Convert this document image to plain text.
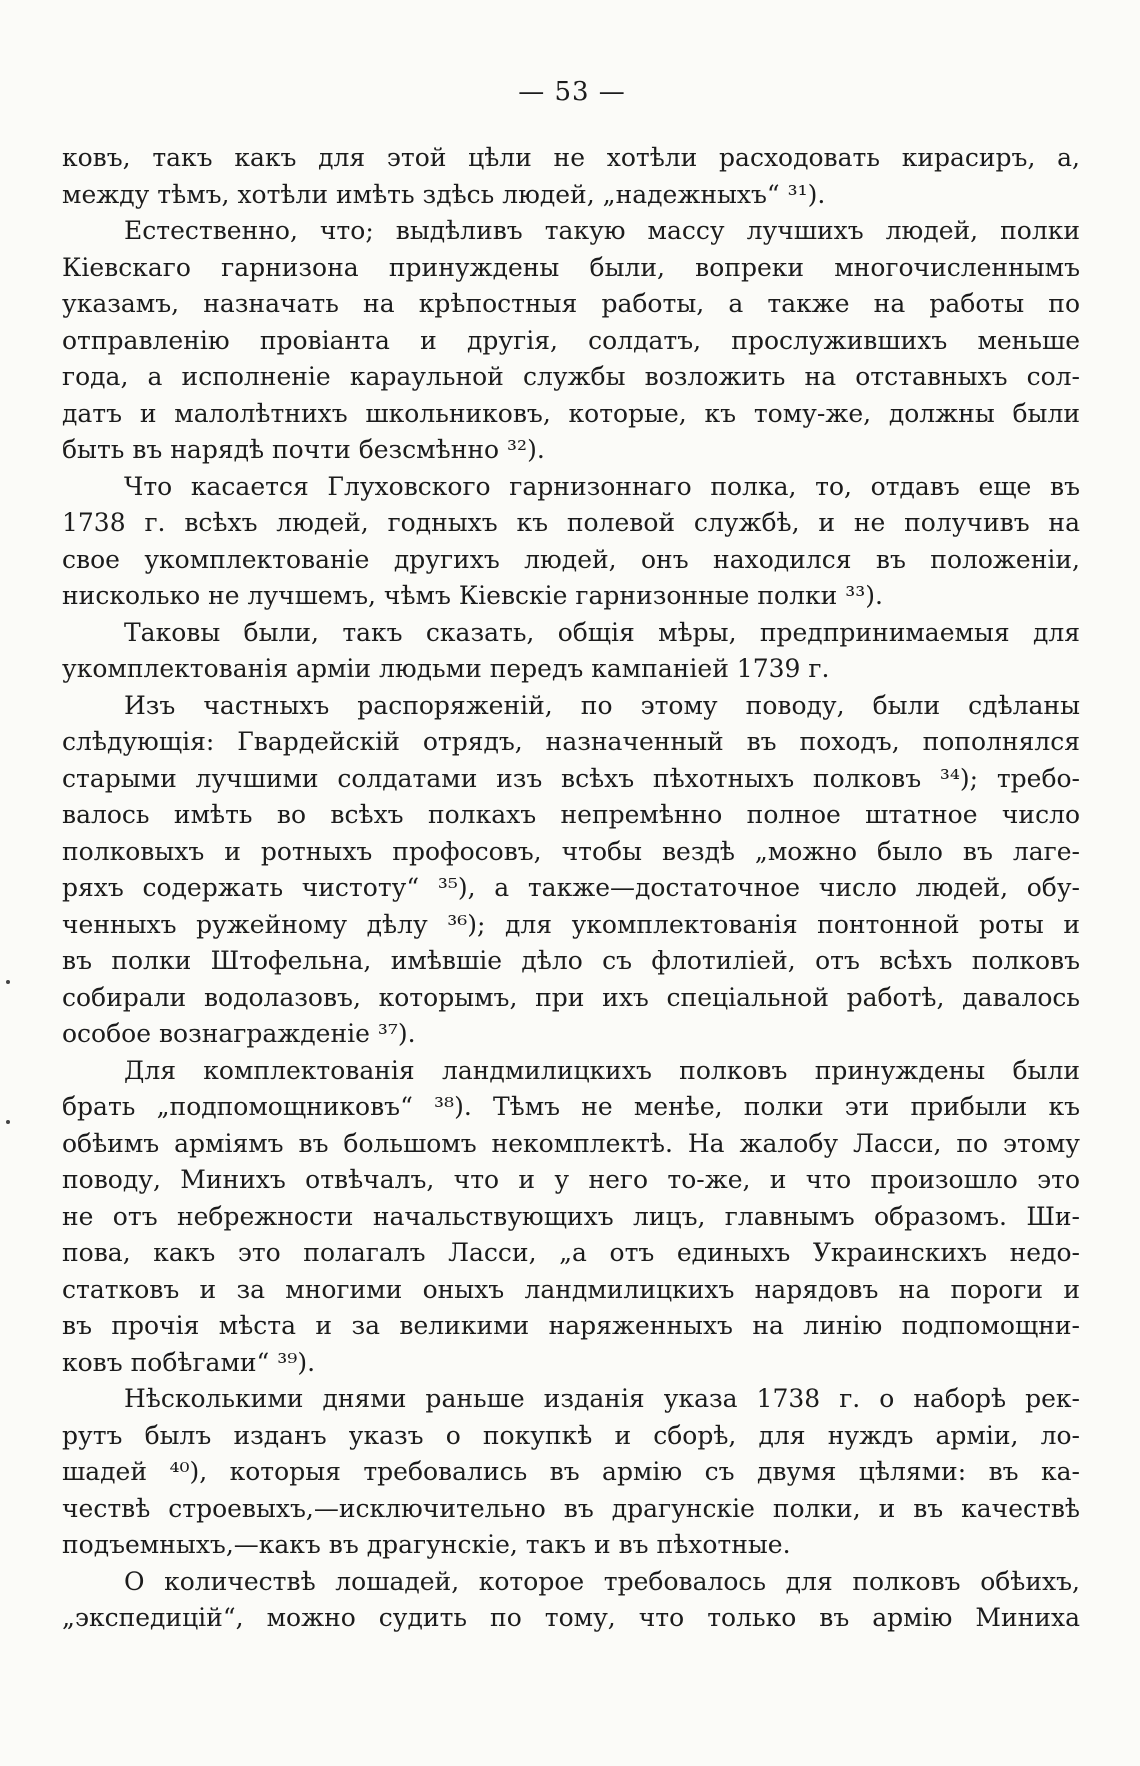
— 53 —
ковъ, такъ какъ для этой цѣли не хотѣли расходовать кирасиръ, а,
между тѣмъ, хотѣли имѣть здѣсь людей, „надежныхъ“ ³¹).
Естественно, что; выдѣливъ такую массу лучшихъ людей, полки
Кіевскаго гарнизона принуждены были, вопреки многочисленнымъ
указамъ, назначать на крѣпостныя работы, а также на работы по
отправленію провіанта и другія, солдатъ, прослужившихъ меньше
года, а исполненіе караульной службы возложить на отставныхъ сол-
датъ и малолѣтнихъ школьниковъ, которые, къ тому-же, должны были
быть въ нарядѣ почти безсмѣнно ³²).
Что касается Глуховского гарнизоннаго полка, то, отдавъ еще въ
1738 г. всѣхъ людей, годныхъ къ полевой службѣ, и не получивъ на
свое укомплектованіе другихъ людей, онъ находился въ положеніи,
нисколько не лучшемъ, чѣмъ Кіевскіе гарнизонные полки ³³).
Таковы были, такъ сказать, общія мѣры, предпринимаемыя для
укомплектованія арміи людьми передъ кампаніей 1739 г.
Изъ частныхъ распоряженій, по этому поводу, были сдѣланы
слѣдующія: Гвардейскій отрядъ, назначенный въ походъ, пополнялся
старыми лучшими солдатами изъ всѣхъ пѣхотныхъ полковъ ³⁴); требо-
валось имѣть во всѣхъ полкахъ непремѣнно полное штатное число
полковыхъ и ротныхъ профосовъ, чтобы вездѣ „можно было въ лаге-
ряхъ содержать чистоту“ ³⁵), а также—достаточное число людей, обу-
ченныхъ ружейному дѣлу ³⁶); для укомплектованія понтонной роты и
въ полки Штофельна, имѣвшіе дѣло съ флотиліей, отъ всѣхъ полковъ
собирали водолазовъ, которымъ, при ихъ спеціальной работѣ, давалось
особое вознагражденіе ³⁷).
Для комплектованія ландмилицкихъ полковъ принуждены были
брать „подпомощниковъ“ ³⁸). Тѣмъ не менѣе, полки эти прибыли къ
обѣимъ арміямъ въ большомъ некомплектѣ. На жалобу Ласси, по этому
поводу, Минихъ отвѣчалъ, что и у него то-же, и что произошло это
не отъ небрежности начальствующихъ лицъ, главнымъ образомъ. Ши-
пова, какъ это полагалъ Ласси, „а отъ единыхъ Украинскихъ недо-
статковъ и за многими оныхъ ландмилицкихъ нарядовъ на пороги и
въ прочія мѣста и за великими наряженныхъ на линію подпомощни-
ковъ побѣгами“ ³⁹).
Нѣсколькими днями раньше изданія указа 1738 г. о наборѣ рек-
рутъ былъ изданъ указъ о покупкѣ и сборѣ, для нуждъ арміи, ло-
шадей ⁴⁰), которыя требовались въ армію съ двумя цѣлями: въ ка-
чествѣ строевыхъ,—исключительно въ драгунскіе полки, и въ качествѣ
подъемныхъ,—какъ въ драгунскіе, такъ и въ пѣхотные.
О количествѣ лошадей, которое требовалось для полковъ обѣихъ,
„экспедицій“, можно судить по тому, что только въ армію Миниха
